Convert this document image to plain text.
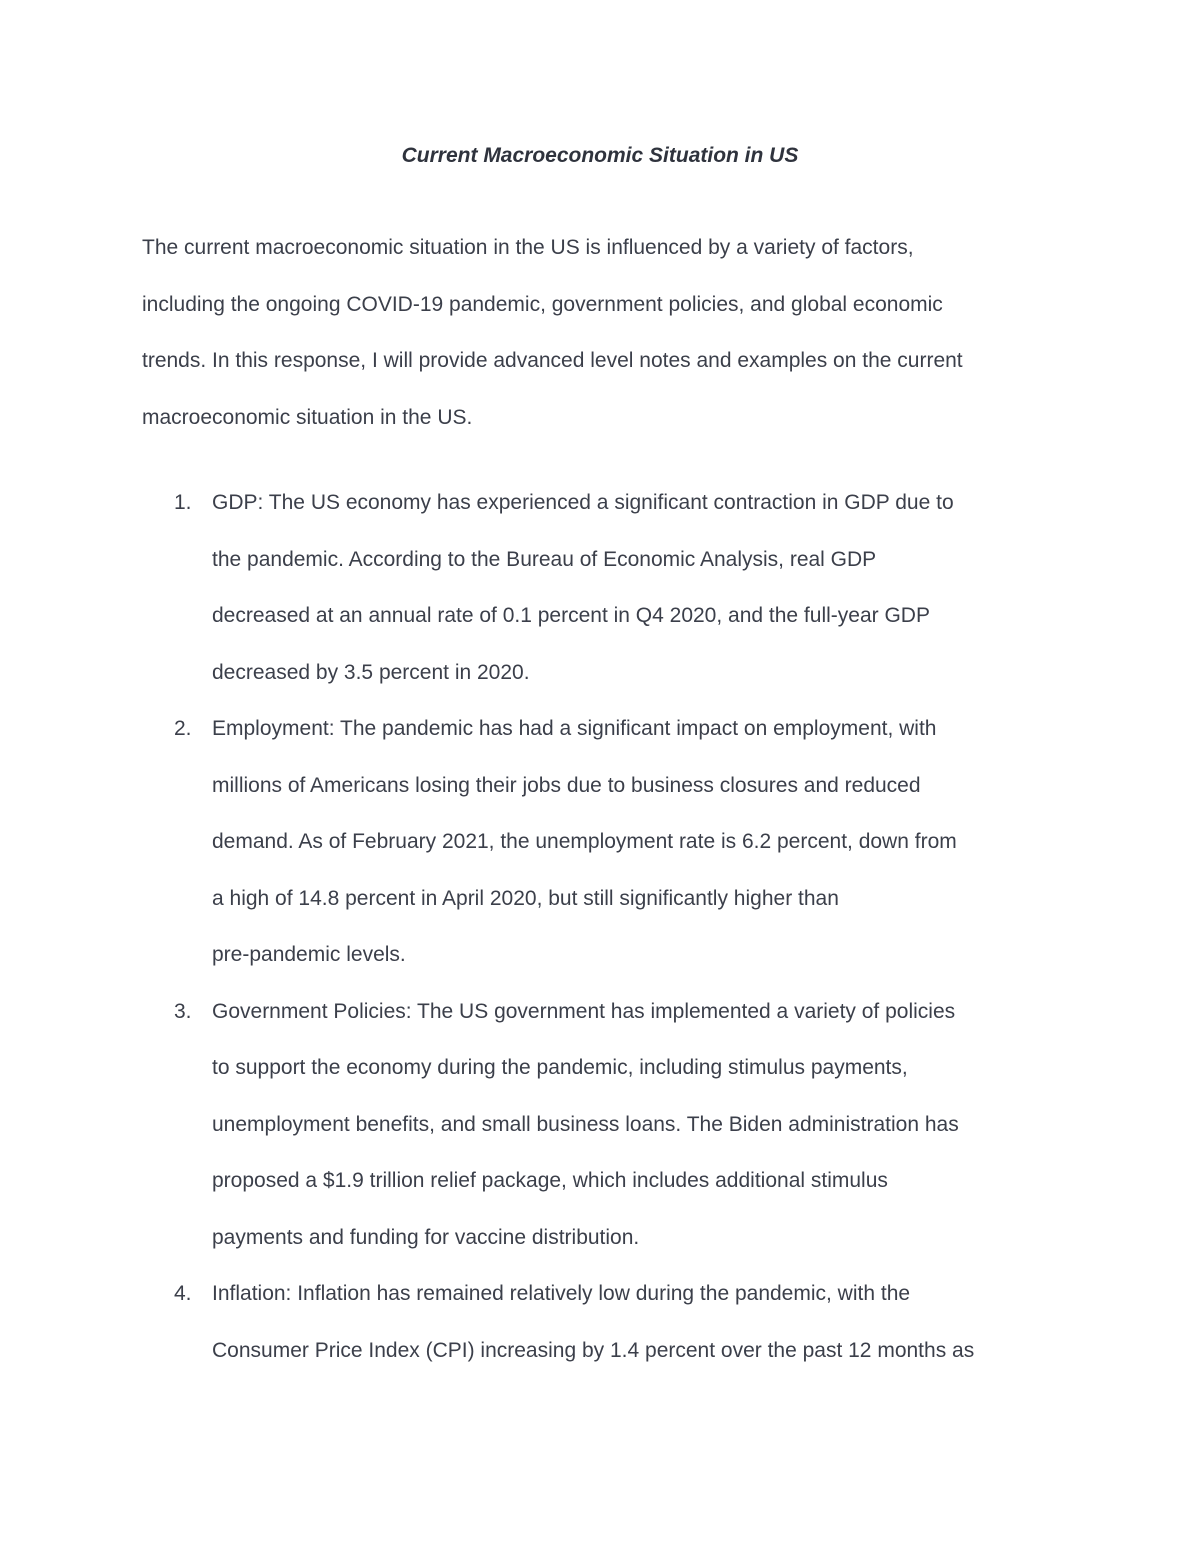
Current Macroeconomic Situation in US

The current macroeconomic situation in the US is influenced by a variety of factors,
including the ongoing COVID-19 pandemic, government policies, and global economic
trends. In this response, I will provide advanced level notes and examples on the current
macroeconomic situation in the US.

1. GDP: The US economy has experienced a significant contraction in GDP due to
the pandemic. According to the Bureau of Economic Analysis, real GDP
decreased at an annual rate of 0.1 percent in Q4 2020, and the full-year GDP
decreased by 3.5 percent in 2020.
2. Employment: The pandemic has had a significant impact on employment, with
millions of Americans losing their jobs due to business closures and reduced
demand. As of February 2021, the unemployment rate is 6.2 percent, down from
a high of 14.8 percent in April 2020, but still significantly higher than
pre-pandemic levels.
3. Government Policies: The US government has implemented a variety of policies
to support the economy during the pandemic, including stimulus payments,
unemployment benefits, and small business loans. The Biden administration has
proposed a $1.9 trillion relief package, which includes additional stimulus
payments and funding for vaccine distribution.
4. Inflation: Inflation has remained relatively low during the pandemic, with the
Consumer Price Index (CPI) increasing by 1.4 percent over the past 12 months as
